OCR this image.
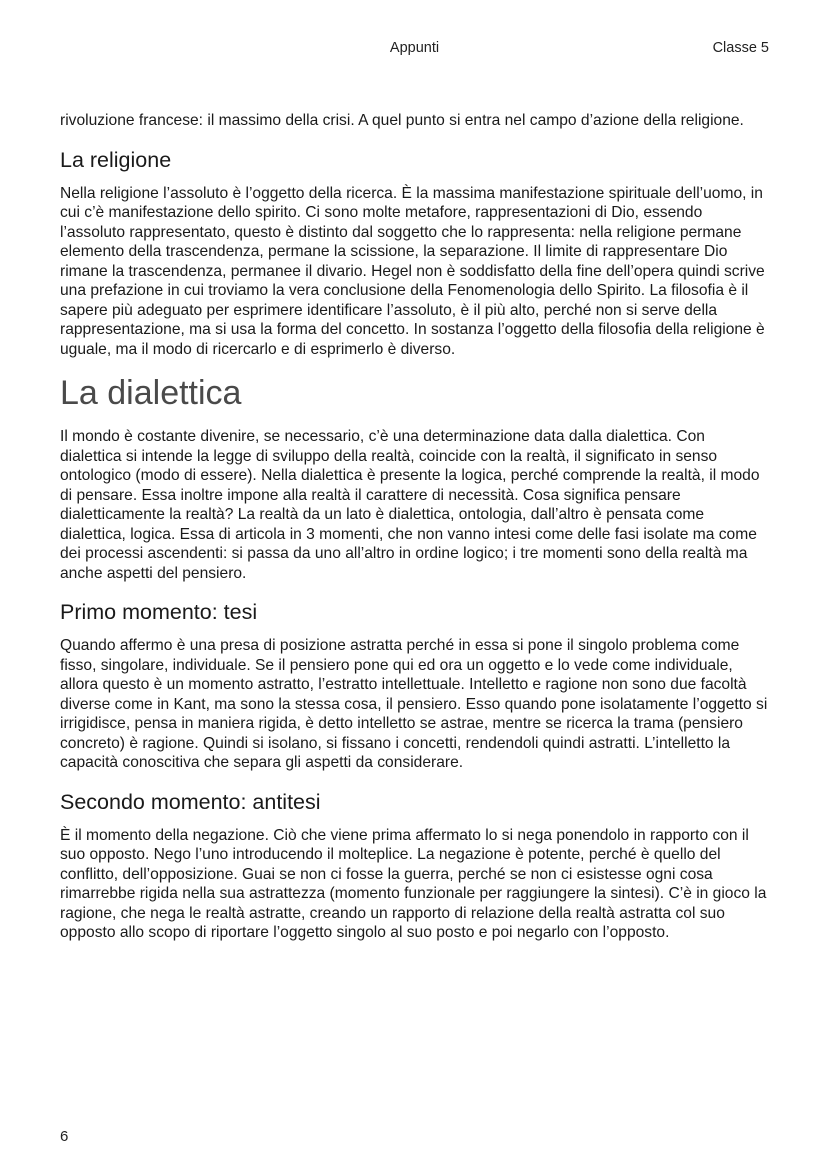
Appunti	Classe 5

rivoluzione francese: il massimo della crisi. A quel punto si entra nel campo d’azione della religione.

La religione

Nella religione l’assoluto è l’oggetto della ricerca. È la massima manifestazione spirituale dell’uomo, in cui c’è manifestazione dello spirito. Ci sono molte metafore, rappresentazioni di Dio, essendo l’assoluto rappresentato, questo è distinto dal soggetto che lo rappresenta: nella religione permane elemento della trascendenza, permane la scissione, la separazione. Il limite di rappresentare Dio rimane la trascendenza, permanee il divario. Hegel non è soddisfatto della fine dell’opera quindi scrive una prefazione in cui troviamo la vera conclusione della Fenomenologia dello Spirito. La filosofia è il sapere più adeguato per esprimere identificare l’assoluto, è il più alto, perché non si serve della rappresentazione, ma si usa la forma del concetto. In sostanza l’oggetto della filosofia della religione è uguale, ma il modo di ricercarlo e di esprimerlo è diverso.

La dialettica

Il mondo è costante divenire, se necessario, c’è una determinazione data dalla dialettica. Con dialettica si intende la legge di sviluppo della realtà, coincide con la realtà, il significato in senso ontologico (modo di essere). Nella dialettica è presente la logica, perché comprende la realtà, il modo di pensare. Essa inoltre impone alla realtà il carattere di necessità. Cosa significa pensare dialetticamente la realtà? La realtà da un lato è dialettica, ontologia, dall’altro è pensata come dialettica, logica. Essa di articola in 3 momenti, che non vanno intesi come delle fasi isolate ma come dei processi ascendenti: si passa da uno all’altro in ordine logico; i tre momenti sono della realtà ma anche aspetti del pensiero.

Primo momento: tesi

Quando affermo è una presa di posizione astratta perché in essa si pone il singolo problema come fisso, singolare, individuale. Se il pensiero pone qui ed ora un oggetto e lo vede come individuale, allora questo è un momento astratto, l’estratto intellettuale. Intelletto e ragione non sono due facoltà diverse come in Kant, ma sono la stessa cosa, il pensiero. Esso quando pone isolatamente l’oggetto si irrigidisce, pensa in maniera rigida, è detto intelletto se astrae, mentre se ricerca la trama (pensiero concreto) è ragione. Quindi si isolano, si fissano i concetti, rendendoli quindi astratti. L’intelletto la capacità conoscitiva che separa gli aspetti da considerare.

Secondo momento: antitesi

È il momento della negazione. Ciò che viene prima affermato lo si nega ponendolo in rapporto con il suo opposto. Nego l’uno introducendo il molteplice. La negazione è potente, perché è quello del conflitto, dell’opposizione. Guai se non ci fosse la guerra, perché se non ci esistesse ogni cosa rimarrebbe rigida nella sua astrattezza (momento funzionale per raggiungere la sintesi). C’è in gioco la ragione, che nega le realtà astratte, creando un rapporto di relazione della realtà astratta col suo opposto allo scopo di riportare l’oggetto singolo al suo posto e poi negarlo con l’opposto.

6
